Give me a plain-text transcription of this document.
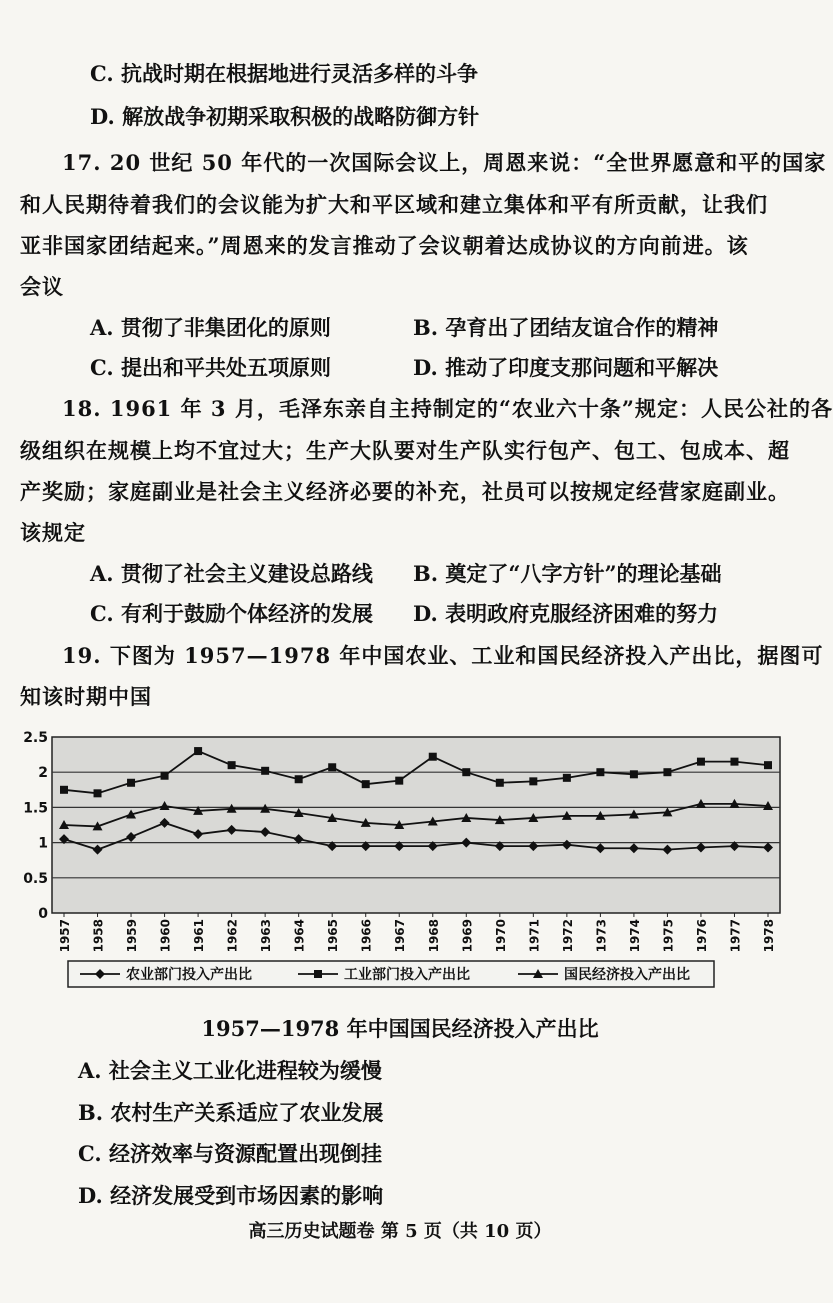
C. 抗战时期在根据地进行灵活多样的斗争
D. 解放战争初期采取积极的战略防御方针
17. 20 世纪 50 年代的一次国际会议上，周恩来说：“全世界愿意和平的国家
和人民期待着我们的会议能为扩大和平区域和建立集体和平有所贡献，让我们
亚非国家团结起来。”周恩来的发言推动了会议朝着达成协议的方向前进。该
会议
A. 贯彻了非集团化的原则	B. 孕育出了团结友谊合作的精神
C. 提出和平共处五项原则	D. 推动了印度支那问题和平解决
18. 1961 年 3 月，毛泽东亲自主持制定的“农业六十条”规定：人民公社的各
级组织在规模上均不宜过大；生产大队要对生产队实行包产、包工、包成本、超
产奖励；家庭副业是社会主义经济必要的补充，社员可以按规定经营家庭副业。
该规定
A. 贯彻了社会主义建设总路线 B. 奠定了“八字方针”的理论基础
C. 有利于鼓励个体经济的发展 D. 表明政府克服经济困难的努力
19. 下图为 1957—1978 年中国农业、工业和国民经济投入产出比，据图可
知该时期中国
0
0.5
1
1.5
2
2.5
1957 1958 1959 1960 1961 1962 1963 1964 1965 1966 1967 1968 1969 1970 1971 1972 1973 1974 1975 1976 1977 1978
农业部门投入产出比	工业部门投入产出比	国民经济投入产出比
1957—1978 年中国国民经济投入产出比
A. 社会主义工业化进程较为缓慢
B. 农村生产关系适应了农业发展
C. 经济效率与资源配置出现倒挂
D. 经济发展受到市场因素的影响
高三历史试题卷 第 5 页（共 10 页）
